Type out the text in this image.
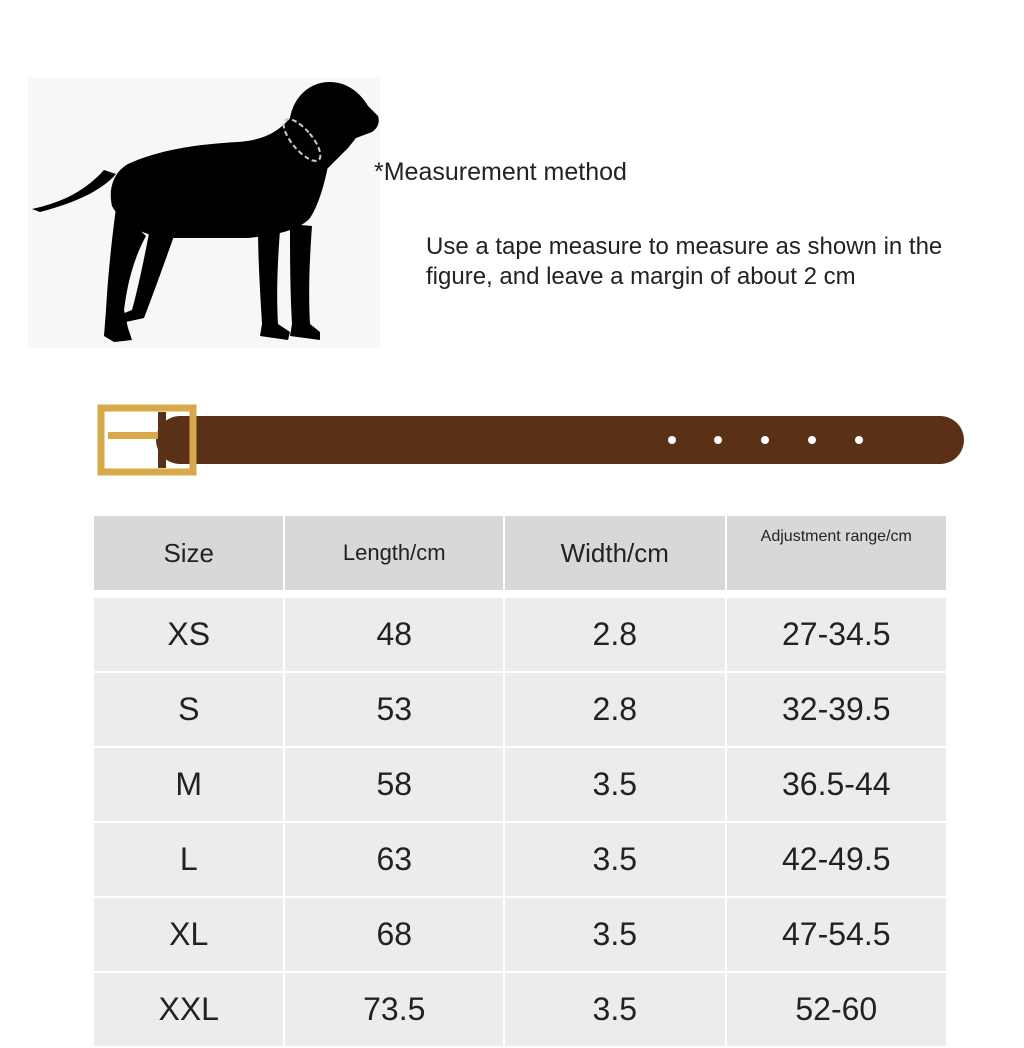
*Measurement method
Use a tape measure to measure as shown in the figure, and leave a margin of about 2 cm
Size	Length/cm	Width/cm	Adjustment range/cm
XS	48	2.8	27-34.5
S	53	2.8	32-39.5
M	58	3.5	36.5-44
L	63	3.5	42-49.5
XL	68	3.5	47-54.5
XXL	73.5	3.5	52-60
